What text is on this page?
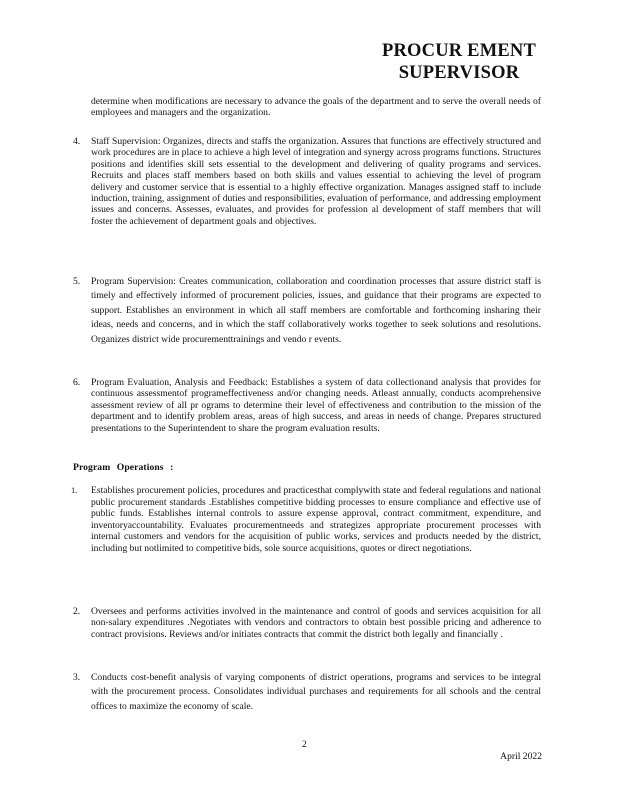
PROCUR EMENT
SUPERVISOR

determine when modifications are necessary to advance the goals of the department and to serve the overall needs of employees and managers and the organization.

4. Staff Supervision: Organizes, directs and staffs the organization. Assures that functions are effectively structured and work procedures are in place to achieve a high level of integration and synergy across programs functions. Structures positions and identifies skill sets essential to the development and delivering of quality programs and services. Recruits and places staff members based on both skills and values essential to achieving the level of program delivery and customer service that is essential to a highly effective organization. Manages assigned staff to include induction, training, assignment of duties and responsibilities, evaluation of performance, and addressing employment issues and concerns. Assesses, evaluates, and provides for profession al development of staff members that will foster the achievement of department goals and objectives.

5. Program Supervision: Creates communication, collaboration and coordination processes that assure district staff is timely and effectively informed of procurement policies, issues, and guidance that their programs are expected to support. Establishes an environment in which all staff members are comfortable and forthcoming insharing their ideas, needs and concerns, and in which the staff collaboratively works together to seek solutions and resolutions. Organizes district wide procurementtrainings and vendo r events.

6. Program Evaluation, Analysis and Feedback: Establishes a system of data collectionand analysis that provides for continuous assessmentof programeffectiveness and/or changing needs. Atleast annually, conducts acomprehensive assessment review of all pr ograms to determine their level of effectiveness and contribution to the mission of the department and to identify problem areas, areas of high success, and areas in needs of change. Prepares structured presentations to the Superintendent to share the program evaluation results.

Program Operations :
1. Establishes procurement policies, procedures and practicesthat complywith state and federal regulations and national public procurement standards .Establishes competitive bidding processes to ensure compliance and effective use of public funds. Establishes internal controls to assure expense approval, contract commitment, expenditure, and inventoryaccountability. Evaluates procurementneeds and strategizes appropriate procurement processes with internal customers and vendors for the acquisition of public works, services and products needed by the district, including but notlimited to competitive bids, sole source acquisitions, quotes or direct negotiations.

2. Oversees and performs activities involved in the maintenance and control of goods and services acquisition for all non-salary expenditures .Negotiates with vendors and contractors to obtain best possible pricing and adherence to contract provisions. Reviews and/or initiates contracts that commit the district both legally and financially .

3. Conducts cost-benefit analysis of varying components of district operations, programs and services to be integral with the procurement process. Consolidates individual purchases and requirements for all schools and the central offices to maximize the economy of scale.

2
April 2022
